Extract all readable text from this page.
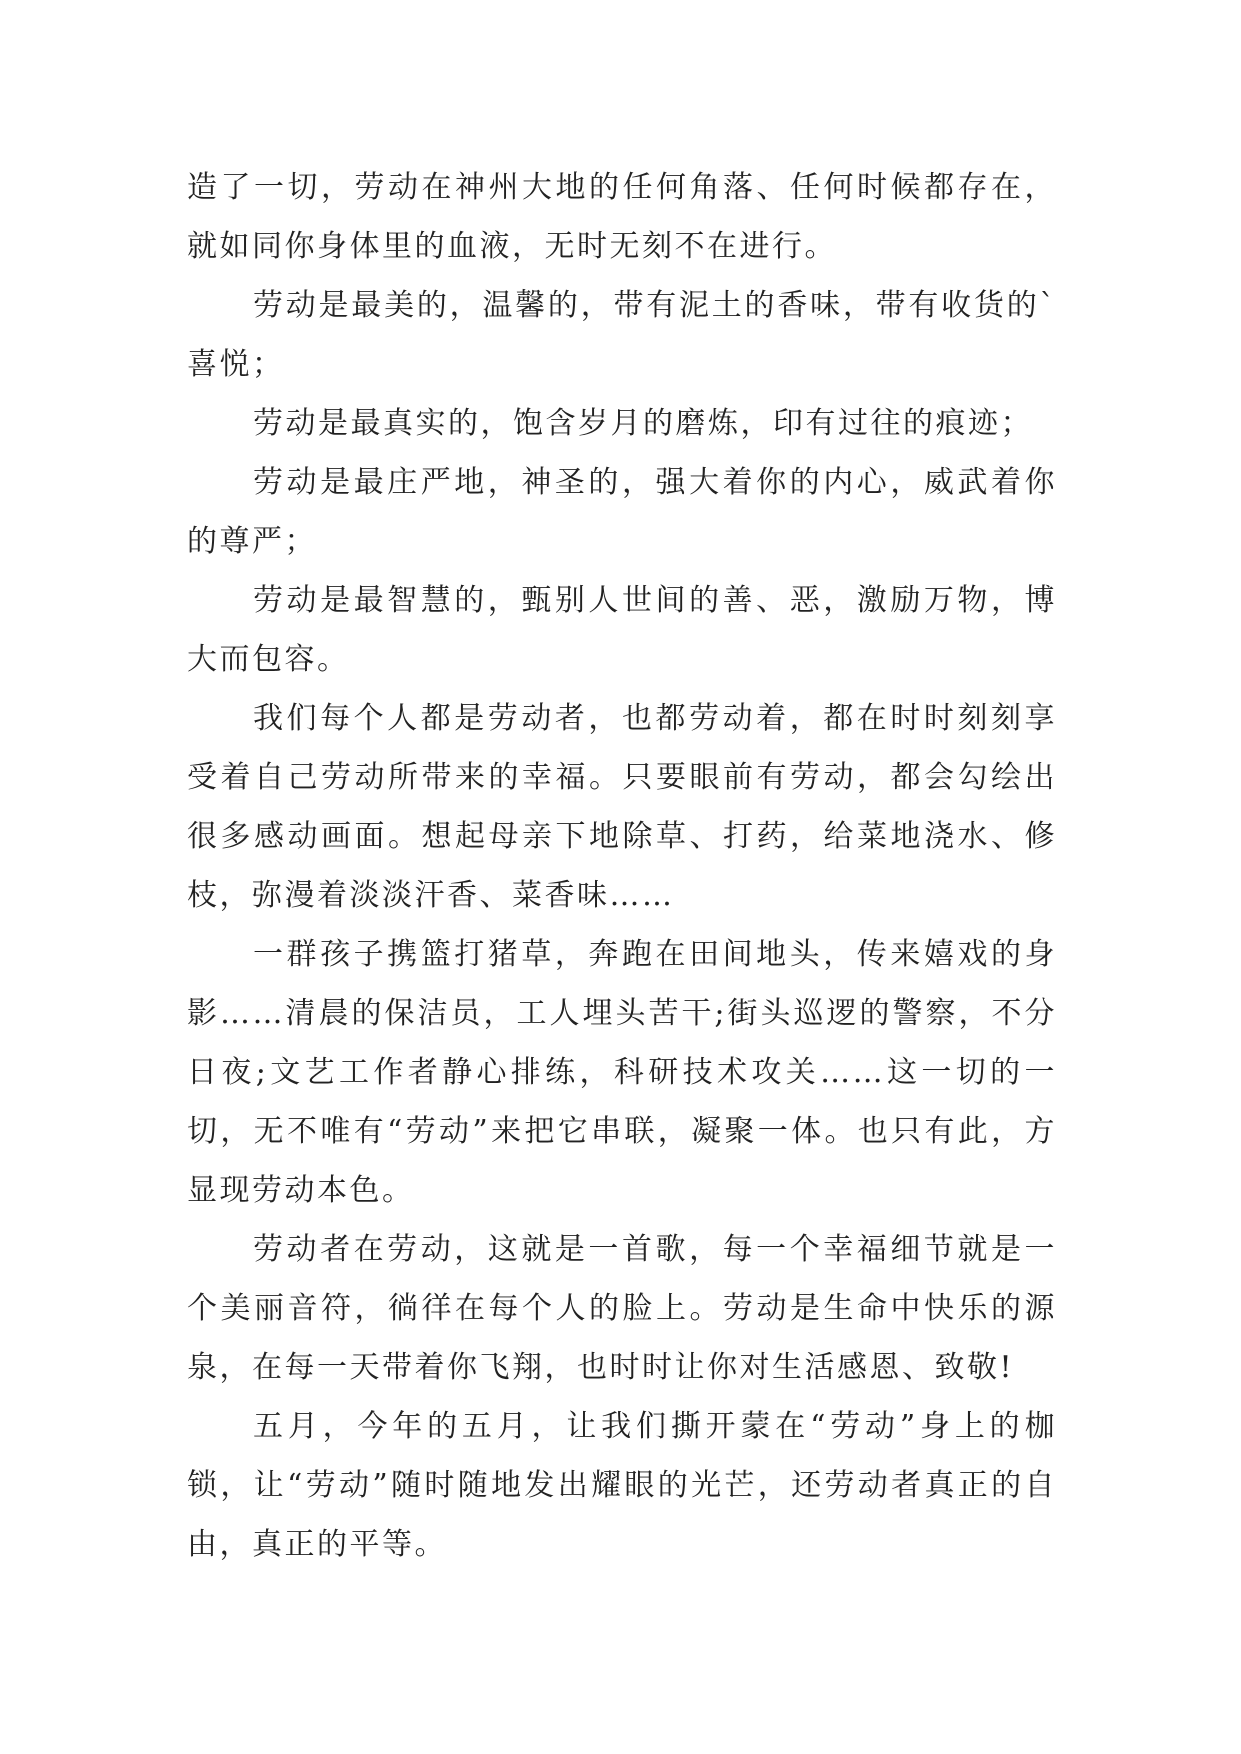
造了一切，劳动在神州大地的任何角落、任何时候都存在，就如同你身体里的血液，无时无刻不在进行。

劳动是最美的，温馨的，带有泥土的香味，带有收货的`喜悦；

劳动是最真实的，饱含岁月的磨炼，印有过往的痕迹；

劳动是最庄严地，神圣的，强大着你的内心，威武着你的尊严；

劳动是最智慧的，甄别人世间的善、恶，激励万物，博大而包容。

我们每个人都是劳动者，也都劳动着，都在时时刻刻享受着自己劳动所带来的幸福。只要眼前有劳动，都会勾绘出很多感动画面。想起母亲下地除草、打药，给菜地浇水、修枝，弥漫着淡淡汗香、菜香味……

一群孩子携篮打猪草，奔跑在田间地头，传来嬉戏的身影……清晨的保洁员，工人埋头苦干;街头巡逻的警察，不分日夜;文艺工作者静心排练，科研技术攻关……这一切的一切，无不唯有“劳动”来把它串联，凝聚一体。也只有此，方显现劳动本色。

劳动者在劳动，这就是一首歌，每一个幸福细节就是一个美丽音符，徜徉在每个人的脸上。劳动是生命中快乐的源泉，在每一天带着你飞翔，也时时让你对生活感恩、致敬!

五月，今年的五月，让我们撕开蒙在“劳动”身上的枷锁，让“劳动”随时随地发出耀眼的光芒，还劳动者真正的自由，真正的平等。
